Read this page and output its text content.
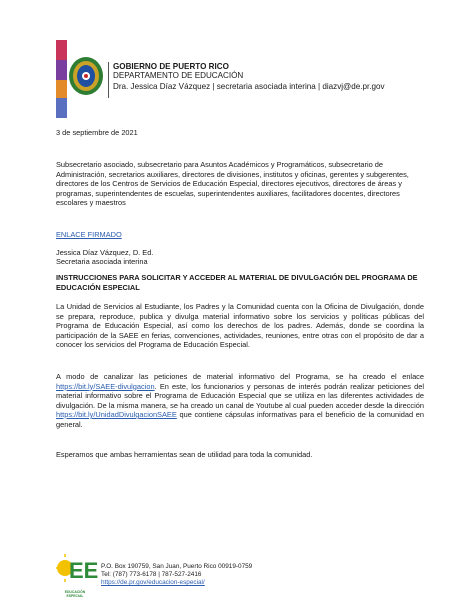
GOBIERNO DE PUERTO RICO
DEPARTAMENTO DE EDUCACIÓN
Dra. Jessica Díaz Vázquez | secretaria asociada interina | diazvj@de.pr.gov
3 de septiembre de 2021
Subsecretario asociado, subsecretario para Asuntos Académicos y Programáticos, subsecretario de Administración, secretarios auxiliares, directores de divisiones, institutos y oficinas, gerentes y subgerentes, directores de los Centros de Servicios de Educación Especial, directores ejecutivos, directores de áreas y programas, superintendentes de escuelas, superintendentes auxiliares, facilitadores docentes, directores escolares y maestros
ENLACE FIRMADO
Jessica Díaz Vázquez, D. Ed.
Secretaria asociada interina
INSTRUCCIONES PARA SOLICITAR Y ACCEDER AL MATERIAL DE DIVULGACIÓN DEL PROGRAMA DE EDUCACIÓN ESPECIAL
La Unidad de Servicios al Estudiante, los Padres y la Comunidad cuenta con la Oficina de Divulgación, donde se prepara, reproduce, publica y divulga material informativo sobre los servicios y políticas públicas del Programa de Educación Especial, así como los derechos de los padres. Además, donde se coordina la participación de la SAEE en ferias, convenciones, actividades, reuniones, entre otras con el propósito de dar a conocer los servicios del Programa de Educación Especial.
A modo de canalizar las peticiones de material informativo del Programa, se ha creado el enlace https://bit.ly/SAEE-divulgacion. En este, los funcionarios y personas de interés podrán realizar peticiones del material informativo sobre el Programa de Educación Especial que se utiliza en las diferentes actividades de divulgación. De la misma manera, se ha creado un canal de Youtube al cual pueden acceder desde la dirección https://bit.ly/UnidadDivulgacionSAEE que contiene cápsulas informativas para el beneficio de la comunidad en general.
Esperamos que ambas herramientas sean de utilidad para toda la comunidad.
EE
EDUCACIÓN ESPECIAL
P.O. Box 190759, San Juan, Puerto Rico 00919-0759
Tel: (787) 773-6178 | 787-527-2416
https://de.pr.gov/educacion-especial/
